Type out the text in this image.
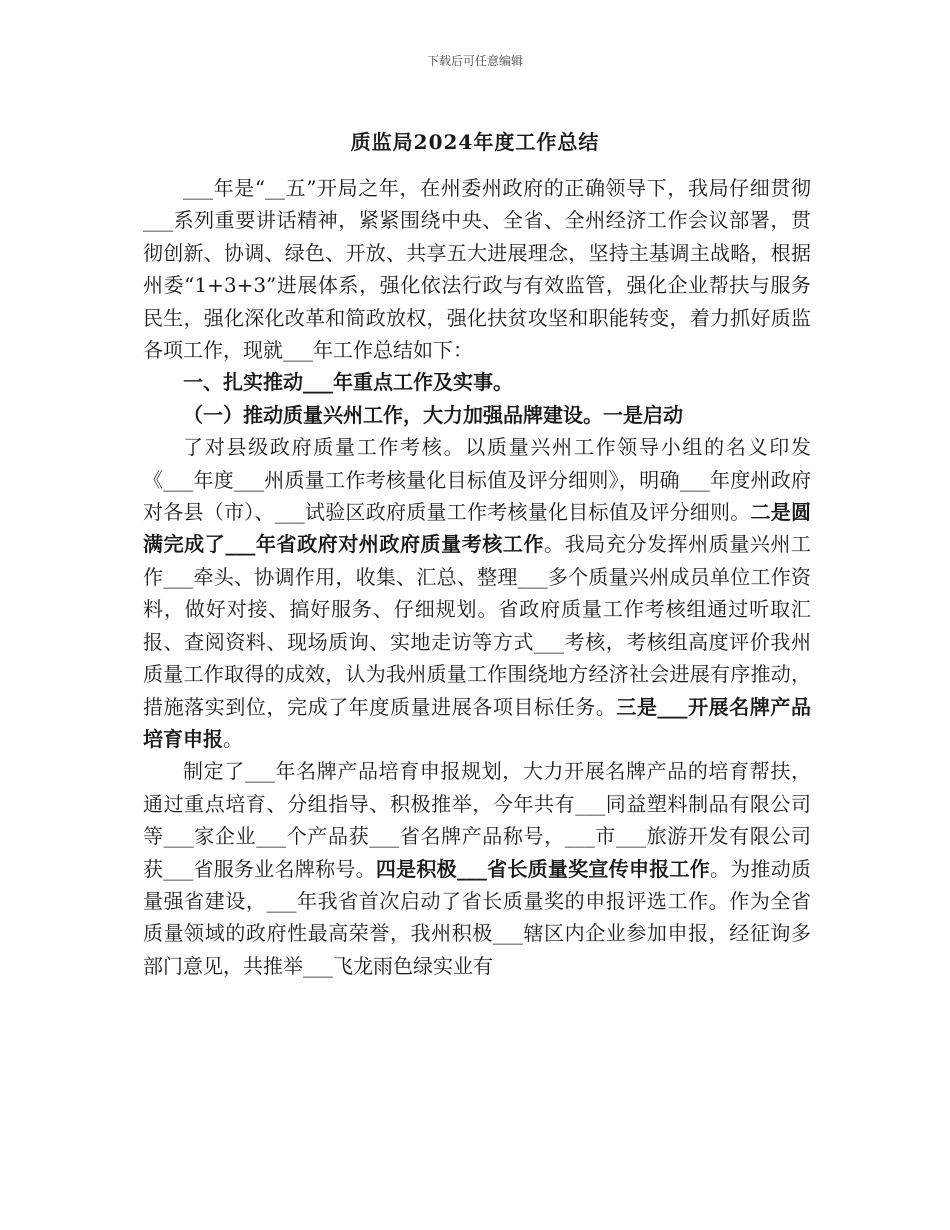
下载后可任意编辑
质监局2024年度工作总结

___年是“__五”开局之年，在州委州政府的正确领导下，我局仔细贯彻___系列重要讲话精神，紧紧围绕中央、全省、全州经济工作会议部署，贯彻创新、协调、绿色、开放、共享五大进展理念，坚持主基调主战略，根据州委“1+3+3”进展体系，强化依法行政与有效监管，强化企业帮扶与服务民生，强化深化改革和简政放权，强化扶贫攻坚和职能转变，着力抓好质监各项工作，现就___年工作总结如下：

一、扎实推动___年重点工作及实事。

（一）推动质量兴州工作，大力加强品牌建设。一是启动

了对县级政府质量工作考核。以质量兴州工作领导小组的名义印发《___年度___州质量工作考核量化目标值及评分细则》，明确___年度州政府对各县（市）、___试验区政府质量工作考核量化目标值及评分细则。二是圆满完成了___年省政府对州政府质量考核工作。我局充分发挥州质量兴州工作___牵头、协调作用，收集、汇总、整理___多个质量兴州成员单位工作资料，做好对接、搞好服务、仔细规划。省政府质量工作考核组通过听取汇报、查阅资料、现场质询、实地走访等方式___考核，考核组高度评价我州质量工作取得的成效，认为我州质量工作围绕地方经济社会进展有序推动，措施落实到位，完成了年度质量进展各项目标任务。三是___开展名牌产品培育申报。

制定了___年名牌产品培育申报规划，大力开展名牌产品的培育帮扶，通过重点培育、分组指导、积极推举，今年共有___同益塑料制品有限公司等___家企业___个产品获___省名牌产品称号，___市___旅游开发有限公司获___省服务业名牌称号。四是积极___省长质量奖宣传申报工作。为推动质量强省建设，___年我省首次启动了省长质量奖的申报评选工作。作为全省质量领域的政府性最高荣誉，我州积极___辖区内企业参加申报，经征询多部门意见，共推举___飞龙雨色绿实业有
